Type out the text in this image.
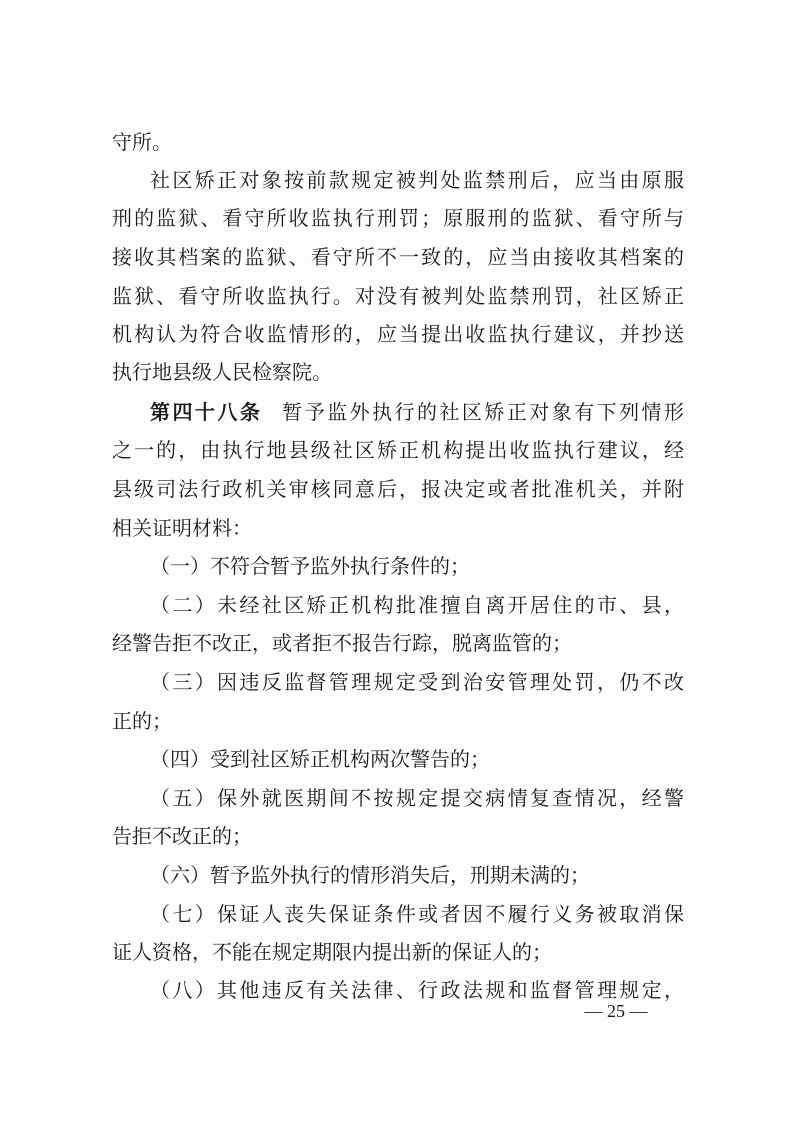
守所。
社区矫正对象按前款规定被判处监禁刑后，应当由原服
刑的监狱、看守所收监执行刑罚；原服刑的监狱、看守所与
接收其档案的监狱、看守所不一致的，应当由接收其档案的
监狱、看守所收监执行。对没有被判处监禁刑罚，社区矫正
机构认为符合收监情形的，应当提出收监执行建议，并抄送
执行地县级人民检察院。
第四十八条 暂予监外执行的社区矫正对象有下列情形
之一的，由执行地县级社区矫正机构提出收监执行建议，经
县级司法行政机关审核同意后，报决定或者批准机关，并附
相关证明材料：
（一）不符合暂予监外执行条件的；
（二）未经社区矫正机构批准擅自离开居住的市、县，
经警告拒不改正，或者拒不报告行踪，脱离监管的；
（三）因违反监督管理规定受到治安管理处罚，仍不改
正的；
（四）受到社区矫正机构两次警告的；
（五）保外就医期间不按规定提交病情复查情况，经警
告拒不改正的；
（六）暂予监外执行的情形消失后，刑期未满的；
（七）保证人丧失保证条件或者因不履行义务被取消保
证人资格，不能在规定期限内提出新的保证人的；
（八）其他违反有关法律、行政法规和监督管理规定，
— 25 —
